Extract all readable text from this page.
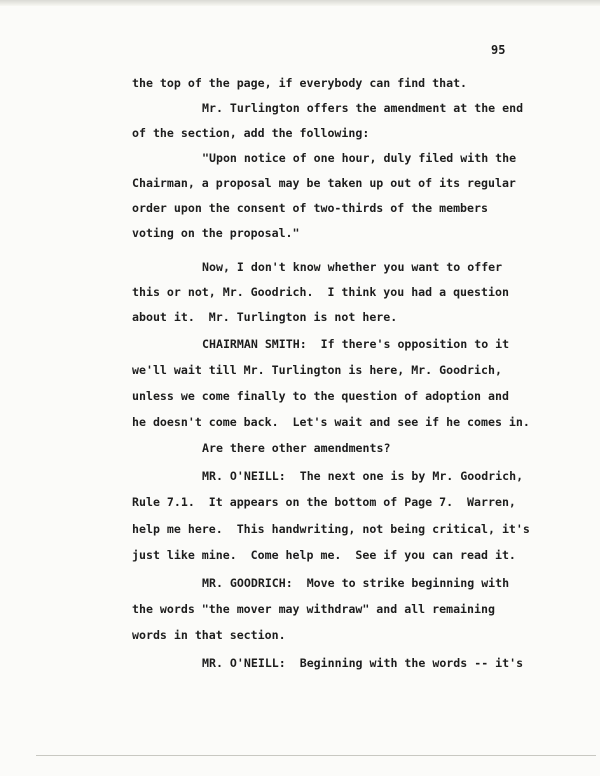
95
the top of the page, if everybody can find that.
Mr. Turlington offers the amendment at the end
of the section, add the following:
"Upon notice of one hour, duly filed with the
Chairman, a proposal may be taken up out of its regular
order upon the consent of two-thirds of the members
voting on the proposal."
Now, I don't know whether you want to offer
this or not, Mr. Goodrich.  I think you had a question
about it.  Mr. Turlington is not here.
CHAIRMAN SMITH:  If there's opposition to it
we'll wait till Mr. Turlington is here, Mr. Goodrich,
unless we come finally to the question of adoption and
he doesn't come back.  Let's wait and see if he comes in.
Are there other amendments?
MR. O'NEILL:  The next one is by Mr. Goodrich,
Rule 7.1.  It appears on the bottom of Page 7.  Warren,
help me here.  This handwriting, not being critical, it's
just like mine.  Come help me.  See if you can read it.
MR. GOODRICH:  Move to strike beginning with
the words "the mover may withdraw" and all remaining
words in that section.
MR. O'NEILL:  Beginning with the words -- it's
